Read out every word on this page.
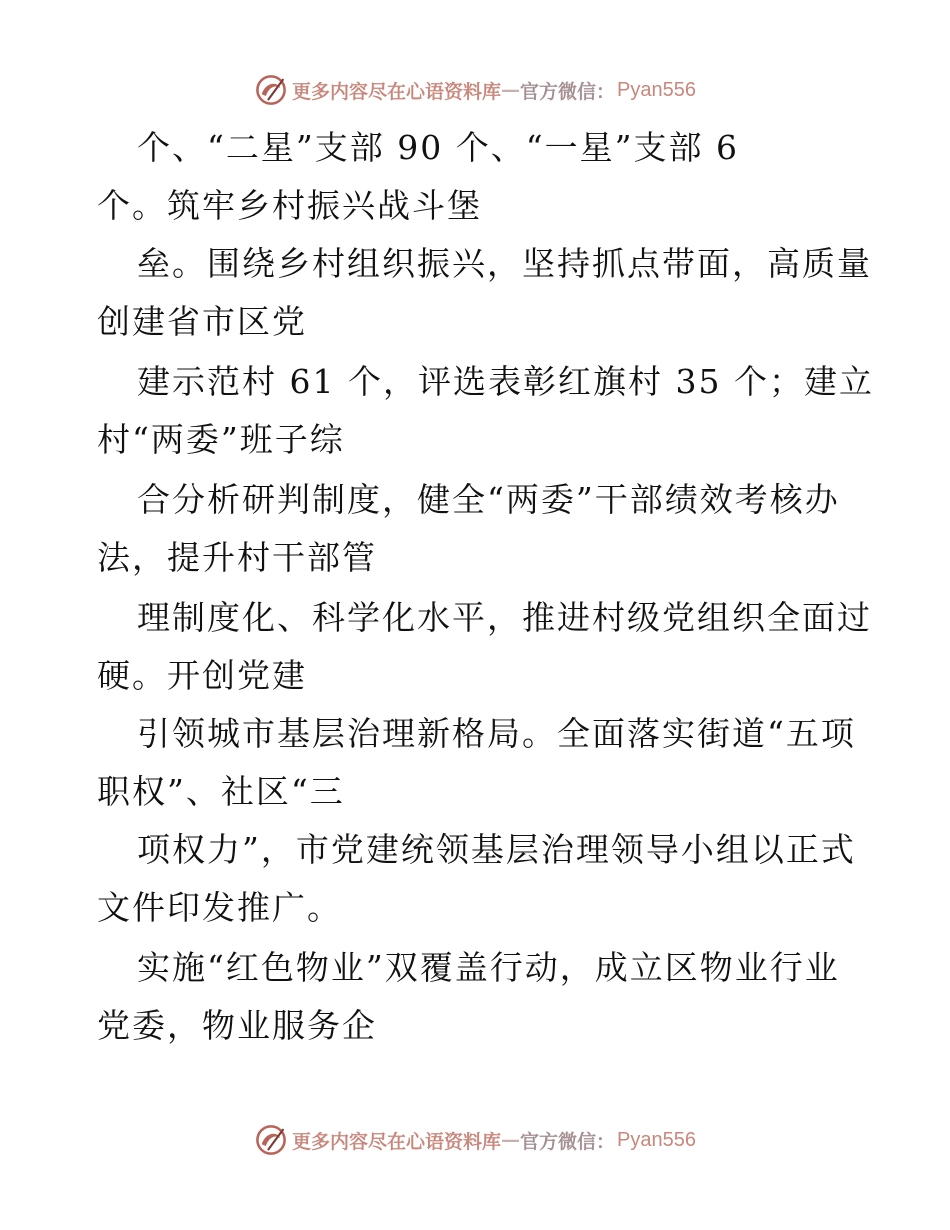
更多内容尽在心语资料库 — 官方微信： Pyan556
个、“二星”支部 90 个、“一星”支部 6
个。筑牢乡村振兴战斗堡
垒。围绕乡村组织振兴，坚持抓点带面，高质量
创建省市区党
建示范村 61 个，评选表彰红旗村 35 个；建立
村“两委”班子综
合分析研判制度，健全“两委”干部绩效考核办
法，提升村干部管
理制度化、科学化水平，推进村级党组织全面过
硬。开创党建
引领城市基层治理新格局。全面落实街道“五项
职权”、社区“三
项权力”，市党建统领基层治理领导小组以正式
文件印发推广。
实施“红色物业”双覆盖行动，成立区物业行业
党委，物业服务企
更多内容尽在心语资料库 — 官方微信： Pyan556
